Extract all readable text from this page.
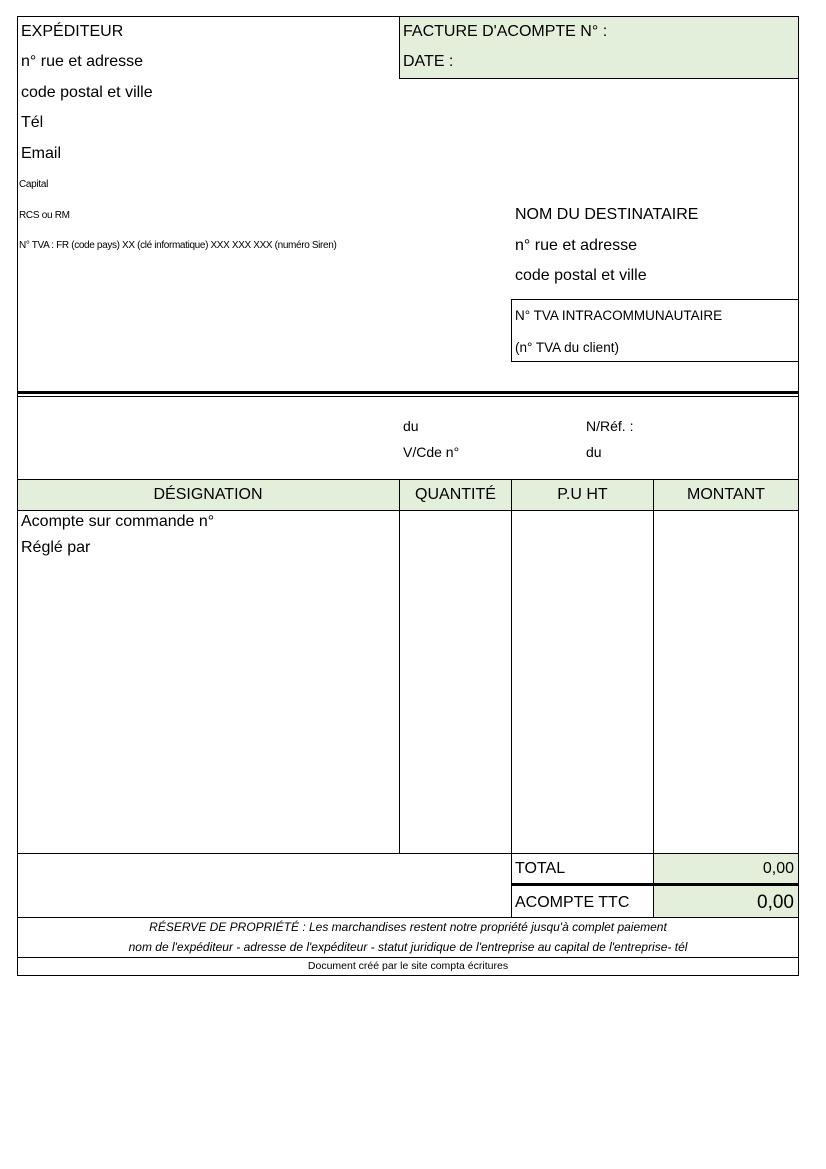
EXPÉDITEUR
n° rue et adresse
code postal et ville
Tél
Email
Capital
RCS ou RM
N° TVA : FR (code pays) XX (clé informatique) XXX XXX XXX (numéro Siren)
FACTURE D'ACOMPTE N° :
DATE :
NOM DU DESTINATAIRE
n° rue et adresse
code postal et ville
N° TVA INTRACOMMUNAUTAIRE
(n° TVA du client)
du	N/Réf. :
V/Cde n°	du
DÉSIGNATION	QUANTITÉ	P.U HT	MONTANT
Acompte sur commande n°
Réglé par
TOTAL	0,00
ACOMPTE TTC	0,00
RÉSERVE DE PROPRIÉTÉ : Les marchandises restent notre propriété jusqu'à complet paiement
nom de l'expéditeur - adresse de l'expéditeur - statut juridique de l'entreprise au capital de l'entreprise- tél
Document créé par le site compta écritures
